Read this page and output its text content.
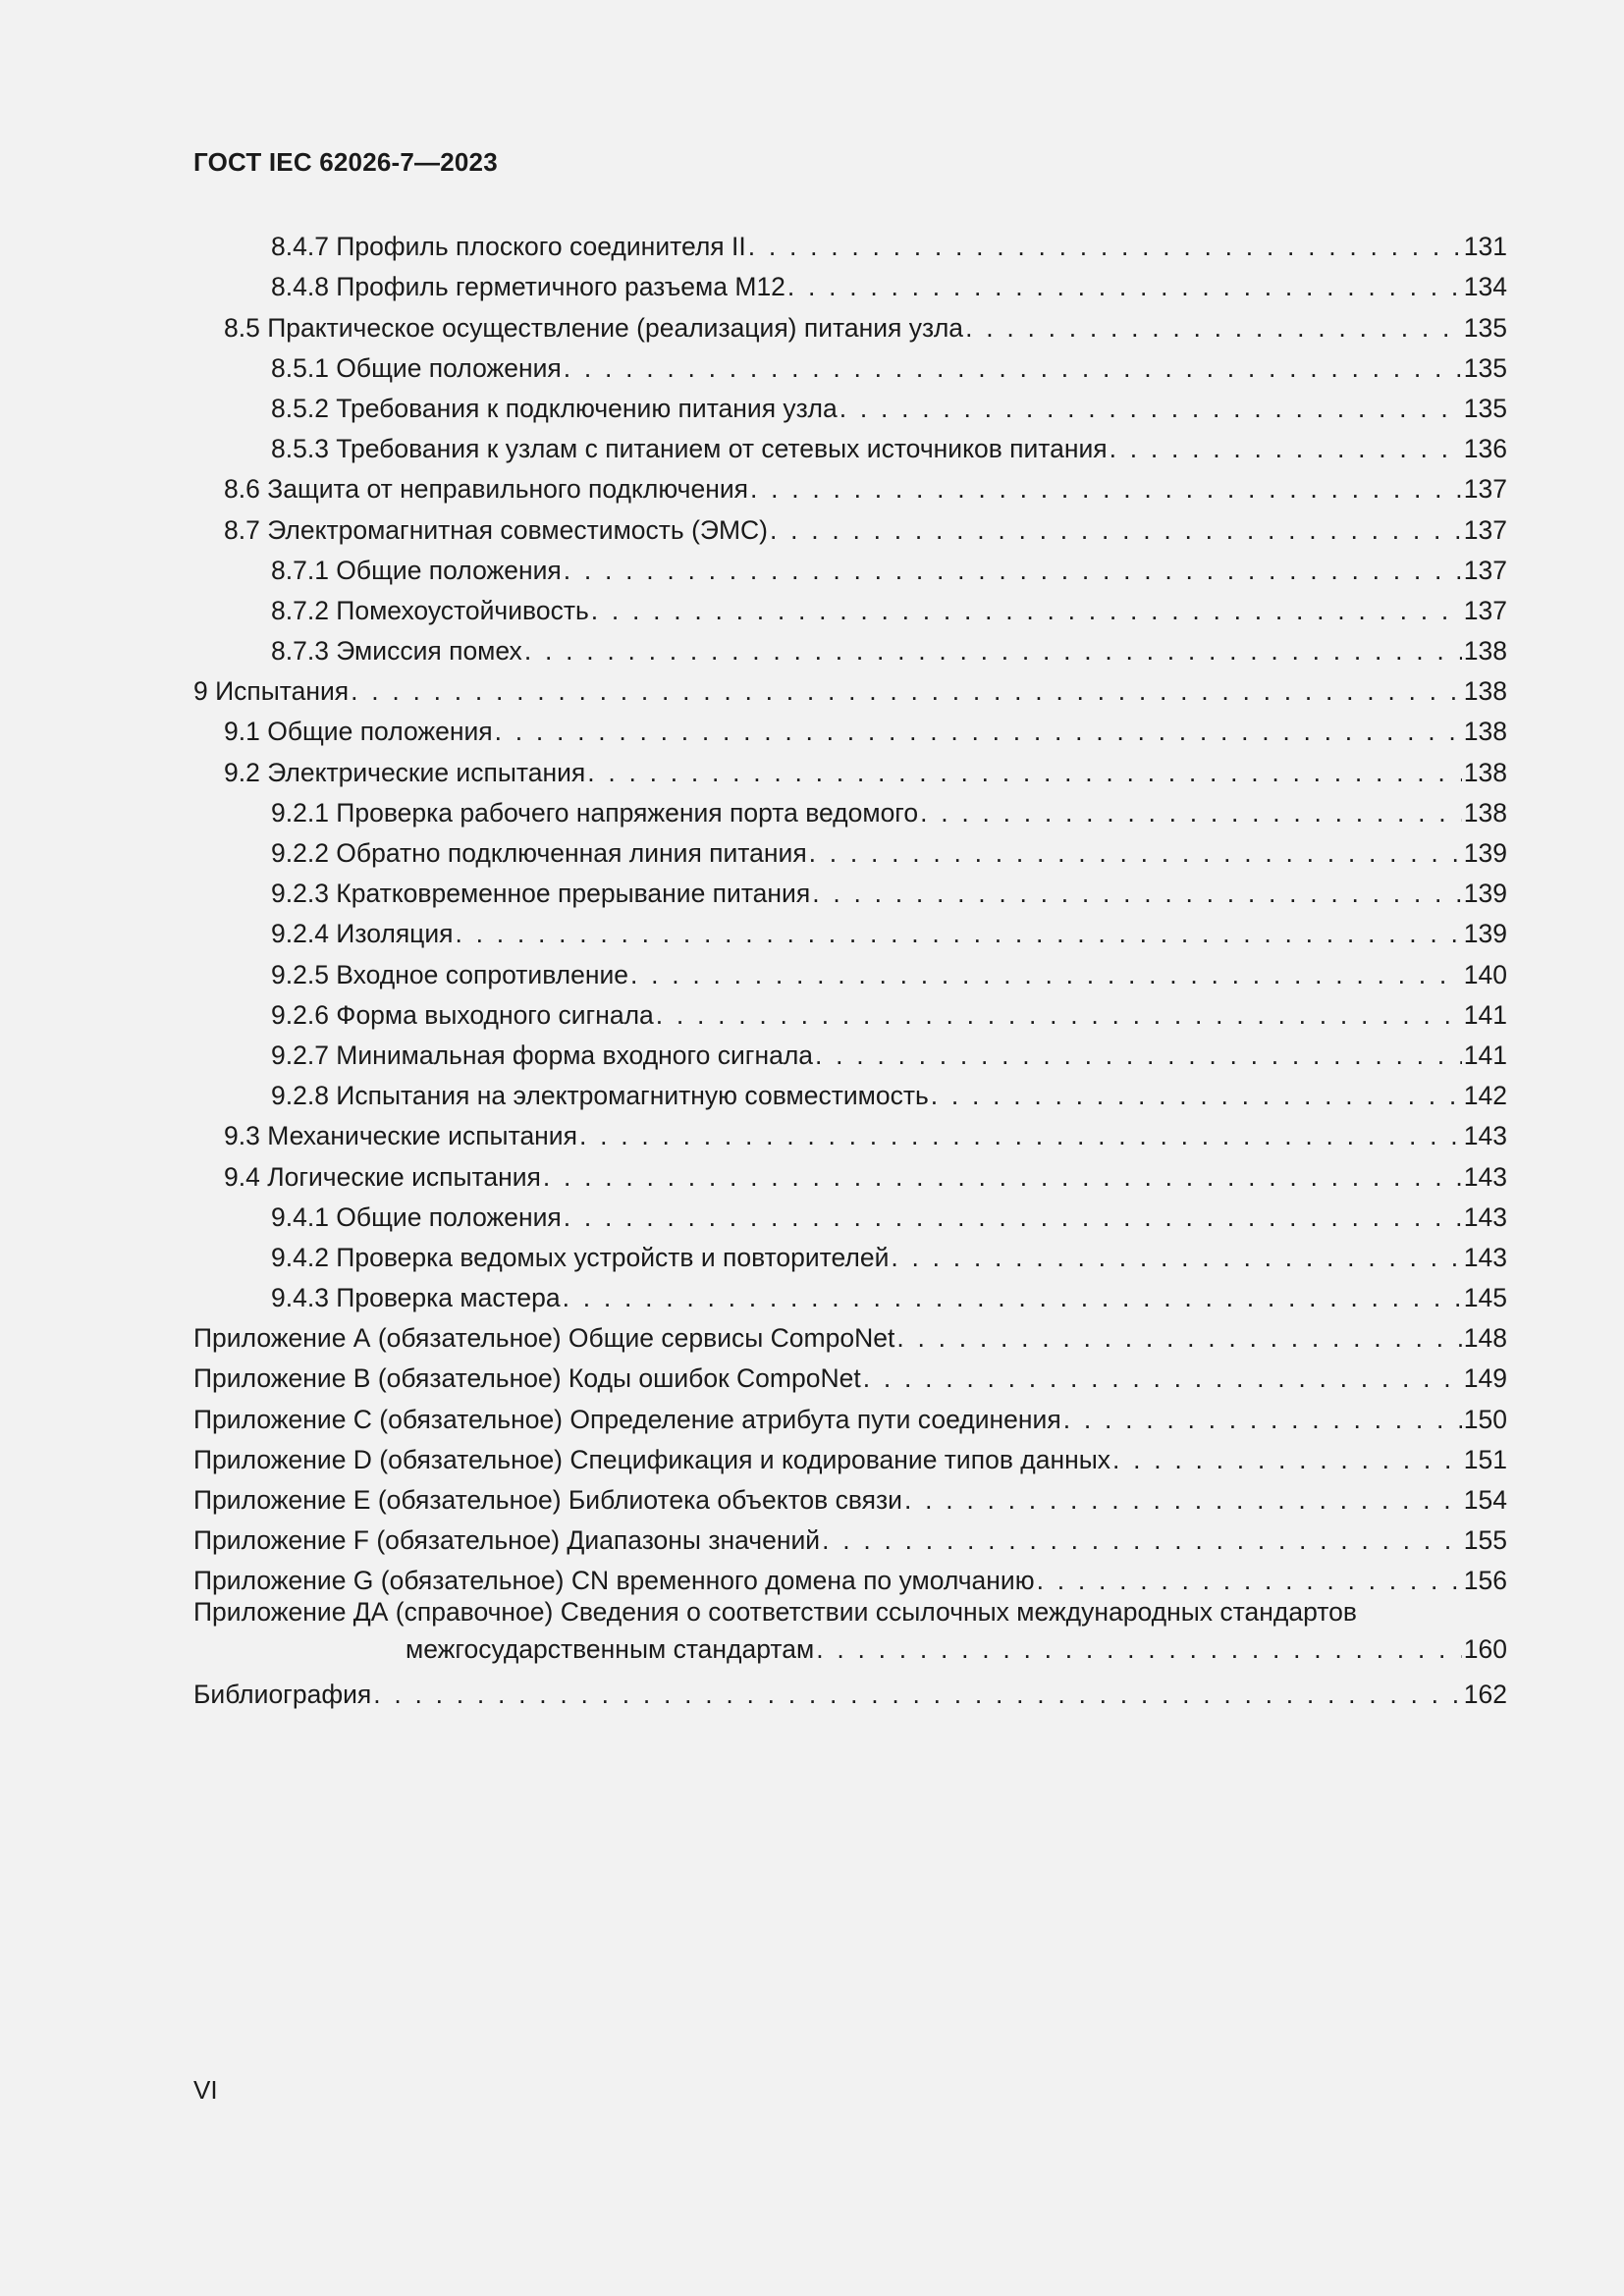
ГОСТ IEC 62026-7—2023
8.4.7 Профиль плоского соединителя II . . .	131
8.4.8 Профиль герметичного разъема M12 . . .	134
8.5 Практическое осуществление (реализация) питания узла . . .	135
8.5.1 Общие положения . . .	135
8.5.2 Требования к подключению питания узла . . .	135
8.5.3 Требования к узлам с питанием от сетевых источников питания . . .	136
8.6 Защита от неправильного подключения . . .	137
8.7 Электромагнитная совместимость (ЭМС) . . .	137
8.7.1 Общие положения . . .	137
8.7.2 Помехоустойчивость . . .	137
8.7.3 Эмиссия помех . . .	138
9 Испытания . . .	138
9.1 Общие положения . . .	138
9.2 Электрические испытания . . .	138
9.2.1 Проверка рабочего напряжения порта ведомого . . .	138
9.2.2 Обратно подключенная линия питания . . .	139
9.2.3 Кратковременное прерывание питания . . .	139
9.2.4 Изоляция . . .	139
9.2.5 Входное сопротивление . . .	140
9.2.6 Форма выходного сигнала . . .	141
9.2.7 Минимальная форма входного сигнала . . .	141
9.2.8 Испытания на электромагнитную совместимость . . .	142
9.3 Механические испытания . . .	143
9.4 Логические испытания . . .	143
9.4.1 Общие положения . . .	143
9.4.2 Проверка ведомых устройств и повторителей . . .	143
9.4.3 Проверка мастера . . .	145
Приложение А (обязательное) Общие сервисы CompoNet . . .	148
Приложение В (обязательное) Коды ошибок CompoNet . . .	149
Приложение С (обязательное) Определение атрибута пути соединения . . .	150
Приложение D (обязательное) Спецификация и кодирование типов данных . . .	151
Приложение Е (обязательное) Библиотека объектов связи . . .	154
Приложение F (обязательное) Диапазоны значений . . .	155
Приложение G (обязательное) CN временного домена по умолчанию . . .	156
Приложение ДА (справочное) Сведения о соответствии ссылочных международных стандартов
межгосударственным стандартам . . .	160
Библиография . . .	162
VI
